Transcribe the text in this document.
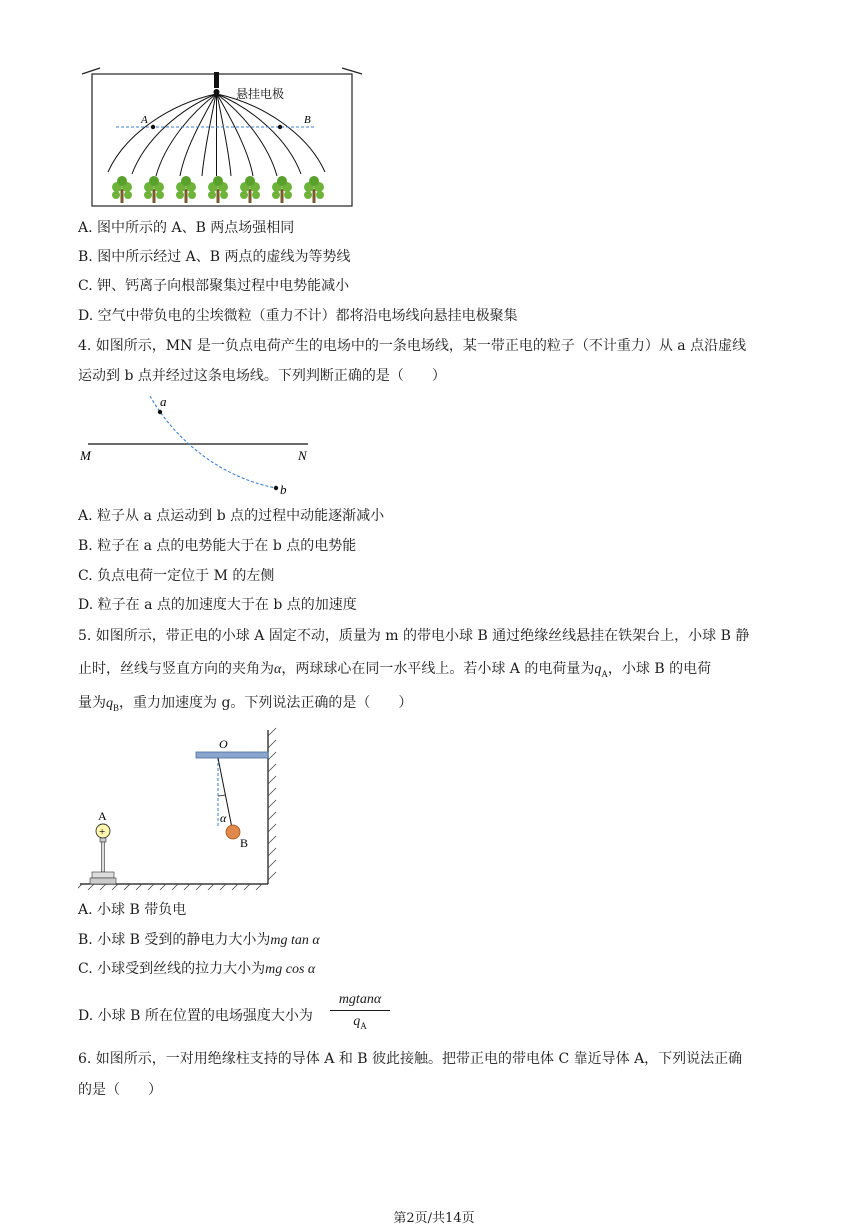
悬挂电极
A	B
A. 图中所示的 A、B 两点场强相同
B. 图中所示经过 A、B 两点的虚线为等势线
C. 钾、钙离子向根部聚集过程中电势能减小
D. 空气中带负电的尘埃微粒（重力不计）都将沿电场线向悬挂电极聚集
4. 如图所示，MN 是一负点电荷产生的电场中的一条电场线，某一带正电的粒子（不计重力）从 a 点沿虚线
运动到 b 点并经过这条电场线。下列判断正确的是（　　）
a
b
M	N
A. 粒子从 a 点运动到 b 点的过程中动能逐渐减小
B. 粒子在 a 点的电势能大于在 b 点的电势能
C. 负点电荷一定位于 M 的左侧
D. 粒子在 a 点的加速度大于在 b 点的加速度
5. 如图所示，带正电的小球 A 固定不动，质量为 m 的带电小球 B 通过绝缘丝线悬挂在铁架台上，小球 B 静
止时，丝线与竖直方向的夹角为α，两球球心在同一水平线上。若小球 A 的电荷量为$q_A$，小球 B 的电荷
量为$q_B$，重力加速度为 g。下列说法正确的是（　　）
O
α
B
A
+
A. 小球 B 带负电
B. 小球 B 受到的静电力大小为mg tan α
C. 小球受到丝线的拉力大小为mg cos α
D. 小球 B 所在位置的电场强度大小为 $\frac{mgtan\alpha}{q_A}$
6. 如图所示，一对用绝缘柱支持的导体 A 和 B 彼此接触。把带正电的带电体 C 靠近导体 A，下列说法正确
的是（　　）
第2页/共14页
